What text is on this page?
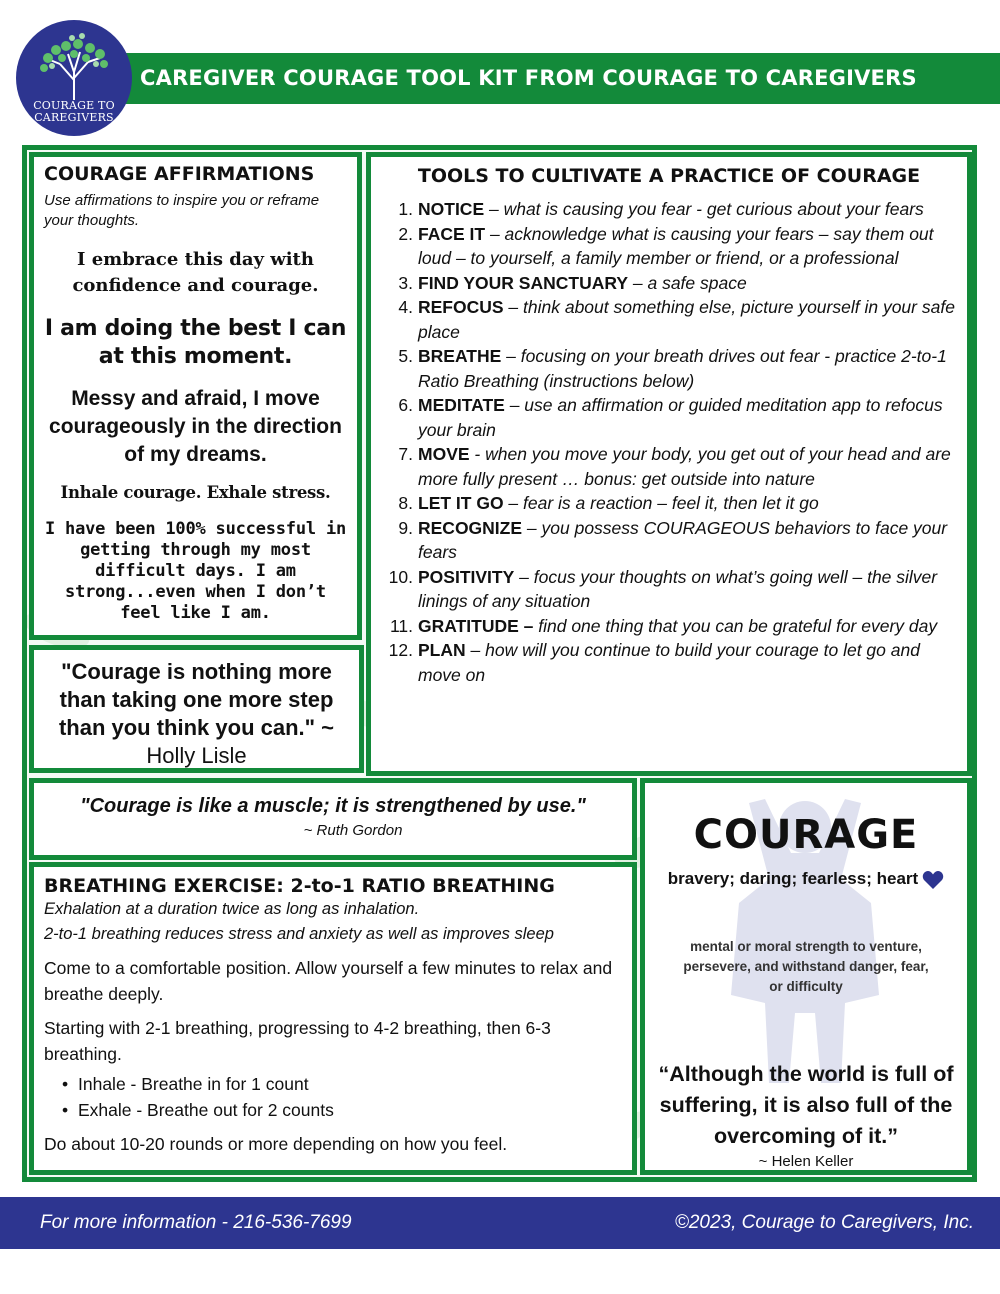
COURAGE TO
CAREGIVERS
CAREGIVER COURAGE TOOL KIT FROM COURAGE TO CAREGIVERS
COURAGE AFFIRMATIONS
Use affirmations to inspire you or reframe your thoughts.
I embrace this day with confidence and courage.
I am doing the best I can at this moment.
Messy and afraid, I move courageously in the direction of my dreams.
Inhale courage. Exhale stress.
I have been 100% successful in getting through my most difficult days. I am strong...even when I don’t feel like I am.
"Courage is nothing more than taking one more step than you think you can." ~
Holly Lisle
TOOLS TO CULTIVATE A PRACTICE OF COURAGE
1. NOTICE – what is causing you fear - get curious about your fears
2. FACE IT – acknowledge what is causing your fears – say them out loud – to yourself, a family member or friend, or a professional
3. FIND YOUR SANCTUARY – a safe space
4. REFOCUS – think about something else, picture yourself in your safe place
5. BREATHE – focusing on your breath drives out fear - practice 2-to-1 Ratio Breathing (instructions below)
6. MEDITATE – use an affirmation or guided meditation app to refocus your brain
7. MOVE - when you move your body, you get out of your head and are more fully present … bonus: get outside into nature
8. LET IT GO – fear is a reaction – feel it, then let it go
9. RECOGNIZE – you possess COURAGEOUS behaviors to face your fears
10. POSITIVITY – focus your thoughts on what’s going well – the silver linings of any situation
11. GRATITUDE – find one thing that you can be grateful for every day
12. PLAN – how will you continue to build your courage to let go and move on
"Courage is like a muscle; it is strengthened by use."
~ Ruth Gordon
BREATHING EXERCISE: 2-to-1 RATIO BREATHING
Exhalation at a duration twice as long as inhalation.
2-to-1 breathing reduces stress and anxiety as well as improves sleep
Come to a comfortable position. Allow yourself a few minutes to relax and breathe deeply.
Starting with 2-1 breathing, progressing to 4-2 breathing, then 6-3 breathing.
• Inhale - Breathe in for 1 count
• Exhale - Breathe out for 2 counts
Do about 10-20 rounds or more depending on how you feel.
COURAGE
bravery; daring; fearless; heart
mental or moral strength to venture, persevere, and withstand danger, fear, or difficulty
“Although the world is full of suffering, it is also full of the overcoming of it.”
~ Helen Keller
For more information - 216-536-7699	©2023, Courage to Caregivers, Inc.
